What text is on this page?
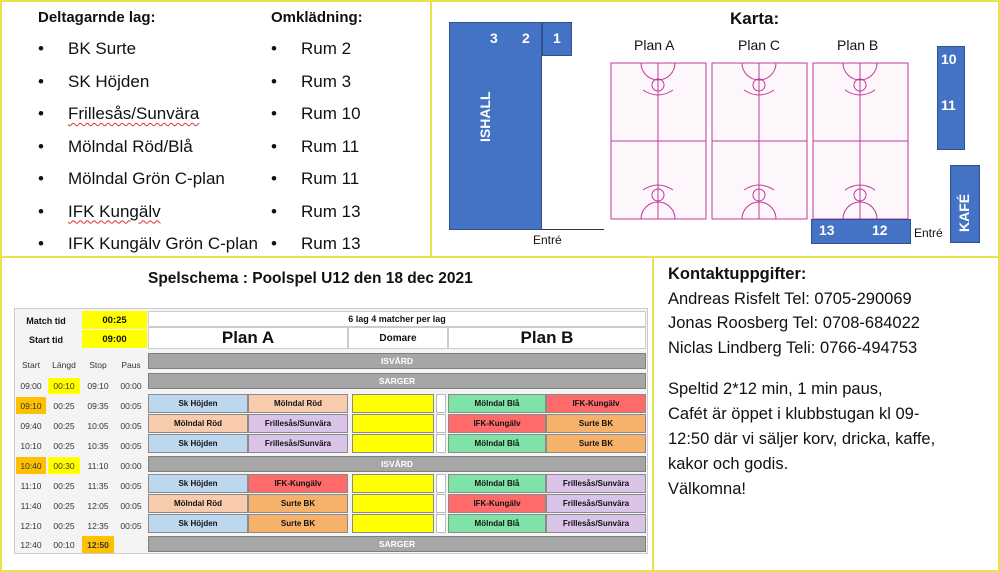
Deltagarnde lag:
• BK Surte
• SK Höjden
• Frillesås/Sunvära
• Mölndal Röd/Blå
• Mölndal Grön C-plan
• IFK Kungälv
• IFK Kungälv Grön C-plan
Omklädning:
• Rum 2
• Rum 3
• Rum 10
• Rum 11
• Rum 11
• Rum 13
• Rum 13
Karta:
ISHALL
3 2 1
Entré
Plan A	Plan C	Plan B
10
11
KAFÉ
13	12 Entré
Spelschema : Poolspel U12 den 18 dec 2021
Match tid	00:25
Start tid	09:00
6 lag 4 matcher per lag
Plan A	Domare	Plan B
Start	Längd	Stop	Paus
09:00	00:10	09:10	00:00
ISVÅRD
SARGER
09:10	00:25	09:35	00:05	Sk Höjden	Mölndal Röd	Mölndal Blå	IFK-Kungälv
09:40	00:25	10:05	00:05	Mölndal Röd	Frillesås/Sunvära	IFK-Kungälv	Surte BK
10:10	00:25	10:35	00:05	Sk Höjden	Frillesås/Sunvära	Mölndal Blå	Surte BK
10:40	00:30	11:10	00:00	ISVÅRD
11:10	00:25	11:35	00:05	Sk Höjden	IFK-Kungälv	Mölndal Blå	Frillesås/Sunvära
11:40	00:25	12:05	00:05	Mölndal Röd	Surte BK	IFK-Kungälv	Frillesås/Sunvära
12:10	00:25	12:35	00:05	Sk Höjden	Surte BK	Mölndal Blå	Frillesås/Sunvära
12:40	00:10	12:50	SARGER
Kontaktuppgifter:
Andreas Risfelt Tel: 0705-290069
Jonas Roosberg Tel: 0708-684022
Niclas Lindberg Teli: 0766-494753
Speltid 2*12 min, 1 min paus,
Cafét är öppet i klubbstugan kl 09-
12:50 där vi säljer korv, dricka, kaffe,
kakor och godis.
Välkomna!
